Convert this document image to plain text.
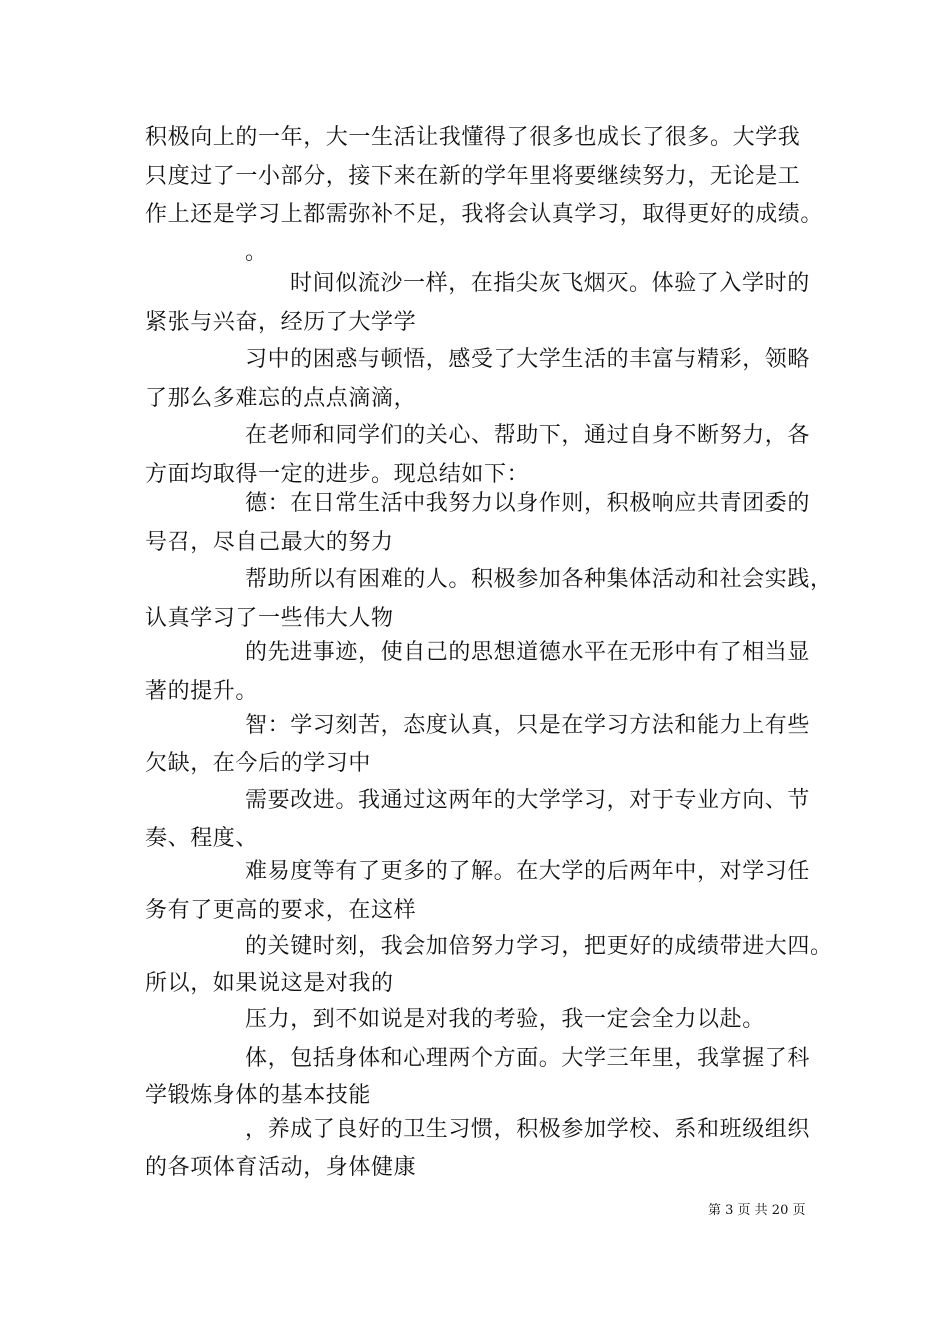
积极向上的一年，大一生活让我懂得了很多也成长了很多。大学我
只度过了一小部分，接下来在新的学年里将要继续努力，无论是工
作上还是学习上都需弥补不足，我将会认真学习，取得更好的成绩。
。
时间似流沙一样，在指尖灰飞烟灭。体验了入学时的
紧张与兴奋，经历了大学学
习中的困惑与顿悟，感受了大学生活的丰富与精彩，领略
了那么多难忘的点点滴滴，
在老师和同学们的关心、帮助下，通过自身不断努力，各
方面均取得一定的进步。现总结如下：
德：在日常生活中我努力以身作则，积极响应共青团委的
号召，尽自己最大的努力
帮助所以有困难的人。积极参加各种集体活动和社会实践，
认真学习了一些伟大人物
的先进事迹，使自己的思想道德水平在无形中有了相当显
著的提升。
智：学习刻苦，态度认真，只是在学习方法和能力上有些
欠缺，在今后的学习中
需要改进。我通过这两年的大学学习，对于专业方向、节
奏、程度、
难易度等有了更多的了解。在大学的后两年中，对学习任
务有了更高的要求，在这样
的关键时刻，我会加倍努力学习，把更好的成绩带进大四。
所以，如果说这是对我的
压力，到不如说是对我的考验，我一定会全力以赴。
体，包括身体和心理两个方面。大学三年里，我掌握了科
学锻炼身体的基本技能
，养成了良好的卫生习惯，积极参加学校、系和班级组织
的各项体育活动，身体健康
第 3 页 共 20 页
